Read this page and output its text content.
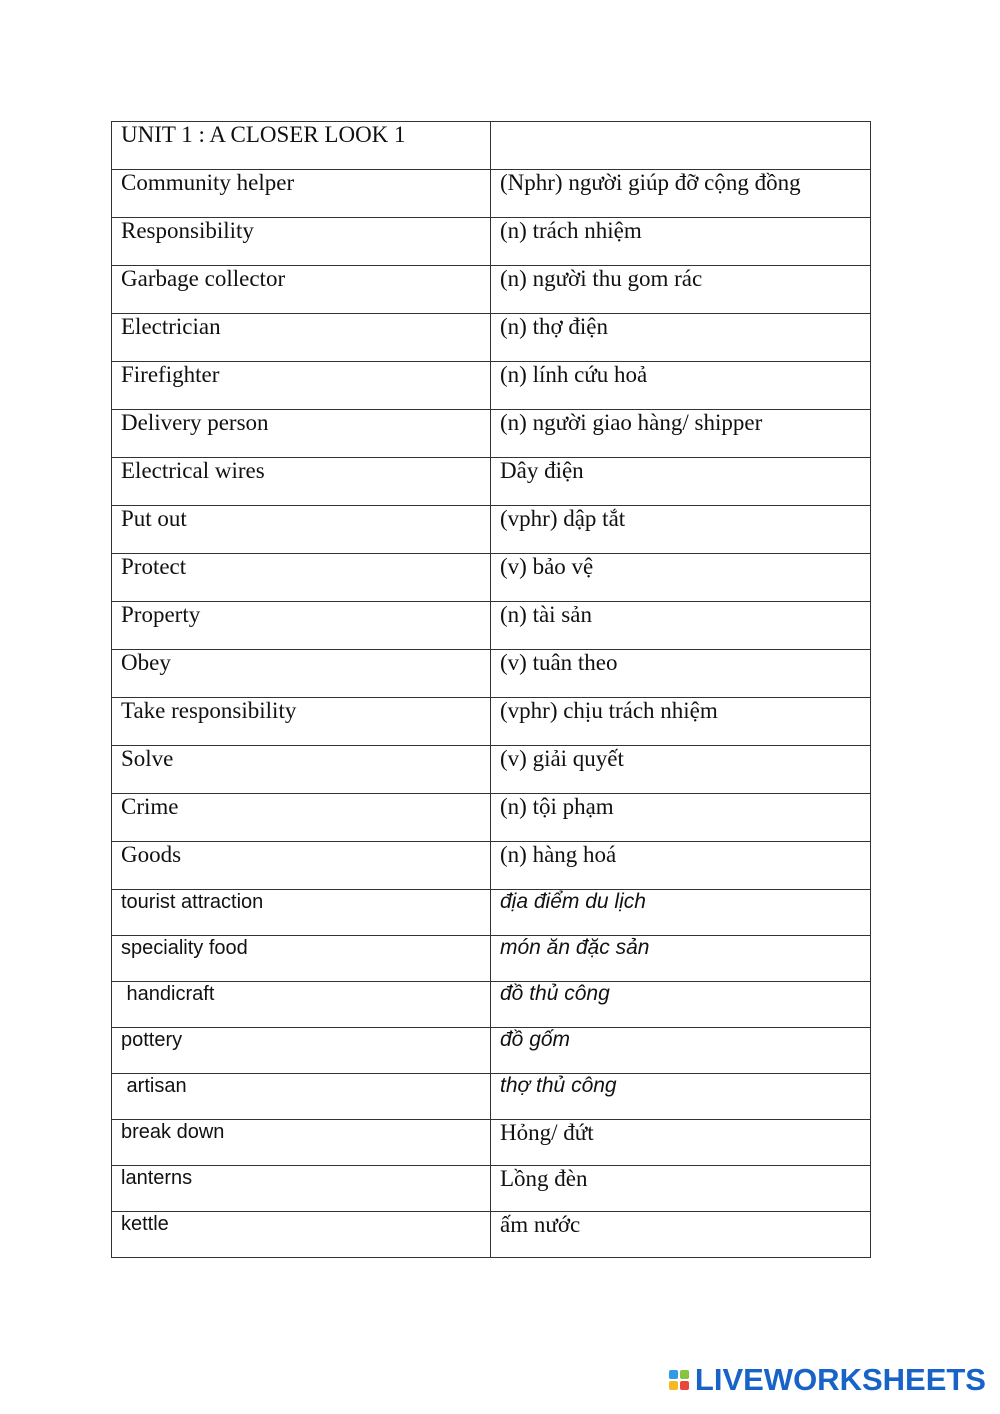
UNIT 1 : A CLOSER LOOK 1	
Community helper	(Nphr) người giúp đỡ cộng đồng
Responsibility	(n) trách nhiệm
Garbage collector	(n) người thu gom rác
Electrician	(n) thợ điện
Firefighter	(n) lính cứu hoả
Delivery person	(n) người giao hàng/ shipper
Electrical wires	Dây điện
Put out	(vphr) dập tắt
Protect	(v) bảo vệ
Property	(n) tài sản
Obey	(v) tuân theo
Take responsibility	(vphr) chịu trách nhiệm
Solve	(v) giải quyết
Crime	(n) tội phạm
Goods	(n) hàng hoá
tourist attraction	địa điểm du lịch
speciality food	món ăn đặc sản
handicraft	đồ thủ công
pottery	đồ gốm
artisan	thợ thủ công
break down	Hỏng/ đứt
lanterns	Lồng đèn
kettle	ấm nước
LIVEWORKSHEETS
